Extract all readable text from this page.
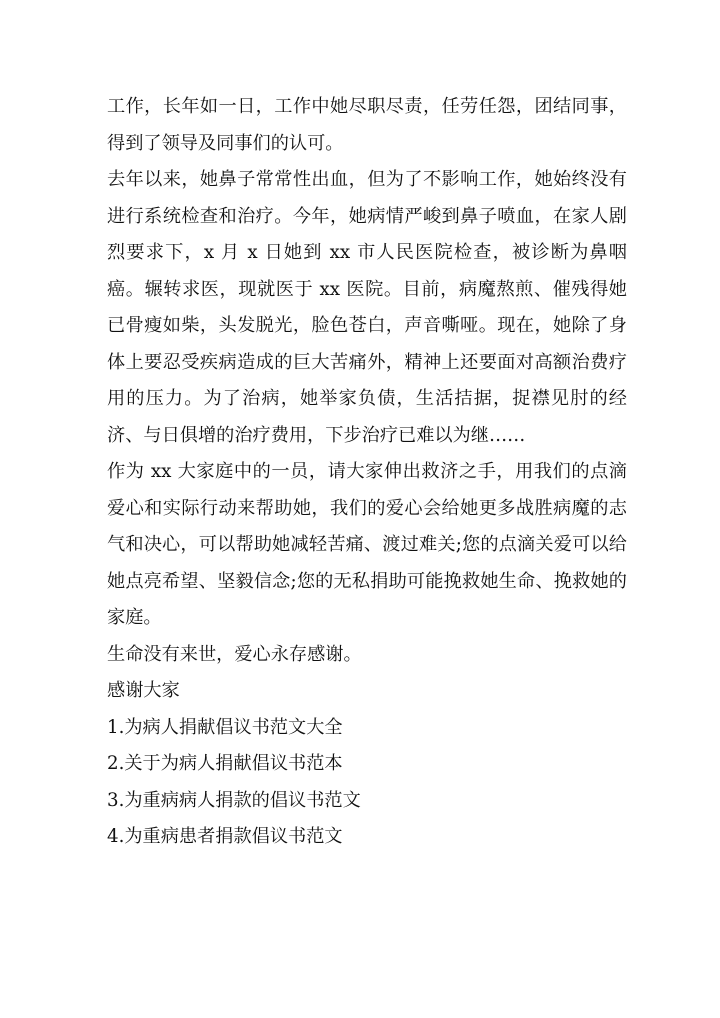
工作，长年如一日，工作中她尽职尽责，任劳任怨，团结同事，得到了领导及同事们的认可。

去年以来，她鼻子常常性出血，但为了不影响工作，她始终没有进行系统检查和治疗。今年，她病情严峻到鼻子喷血，在家人剧烈要求下，x 月 x 日她到 xx 市人民医院检查，被诊断为鼻咽癌。辗转求医，现就医于 xx 医院。目前，病魔熬煎、催残得她已骨瘦如柴，头发脱光，脸色苍白，声音嘶哑。现在，她除了身体上要忍受疾病造成的巨大苦痛外，精神上还要面对高额治费疗用的压力。为了治病，她举家负债，生活拮据，捉襟见肘的经济、与日俱增的治疗费用，下步治疗已难以为继……

作为 xx 大家庭中的一员，请大家伸出救济之手，用我们的点滴爱心和实际行动来帮助她，我们的爱心会给她更多战胜病魔的志气和决心，可以帮助她减轻苦痛、渡过难关;您的点滴关爱可以给她点亮希望、坚毅信念;您的无私捐助可能挽救她生命、挽救她的家庭。

生命没有来世，爱心永存感谢。

感谢大家

1.为病人捐献倡议书范文大全

2.关于为病人捐献倡议书范本

3.为重病病人捐款的倡议书范文

4.为重病患者捐款倡议书范文
